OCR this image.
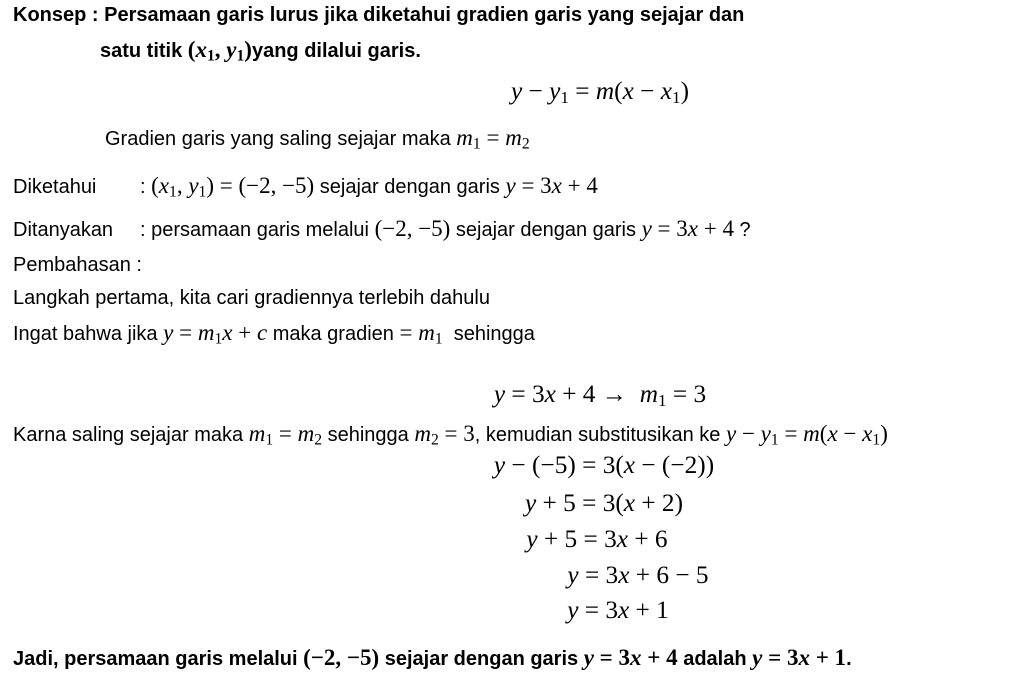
Konsep : Persamaan garis lurus jika diketahui gradien garis yang sejajar dan
satu titik (x1, y1)yang dilalui garis.
y − y1 = m(x − x1)
Gradien garis yang saling sejajar maka m1 = m2
Diketahui : (x1, y1) = (−2, −5) sejajar dengan garis y = 3x + 4
Ditanyakan : persamaan garis melalui (−2, −5) sejajar dengan garis y = 3x + 4 ?
Pembahasan :
Langkah pertama, kita cari gradiennya terlebih dahulu
Ingat bahwa jika y = m1x + c maka gradien = m1  sehingga
y = 3x + 4 →  m1 = 3
Karna saling sejajar maka m1 = m2 sehingga m2 = 3, kemudian substitusikan ke y − y1 = m(x − x1)
y − (−5) = 3(x − (−2))
y + 5 = 3(x + 2)
y + 5 = 3x + 6
y = 3x + 6 − 5
y = 3x + 1
Jadi, persamaan garis melalui (−2, −5) sejajar dengan garis y = 3x + 4 adalah y = 3x + 1.
